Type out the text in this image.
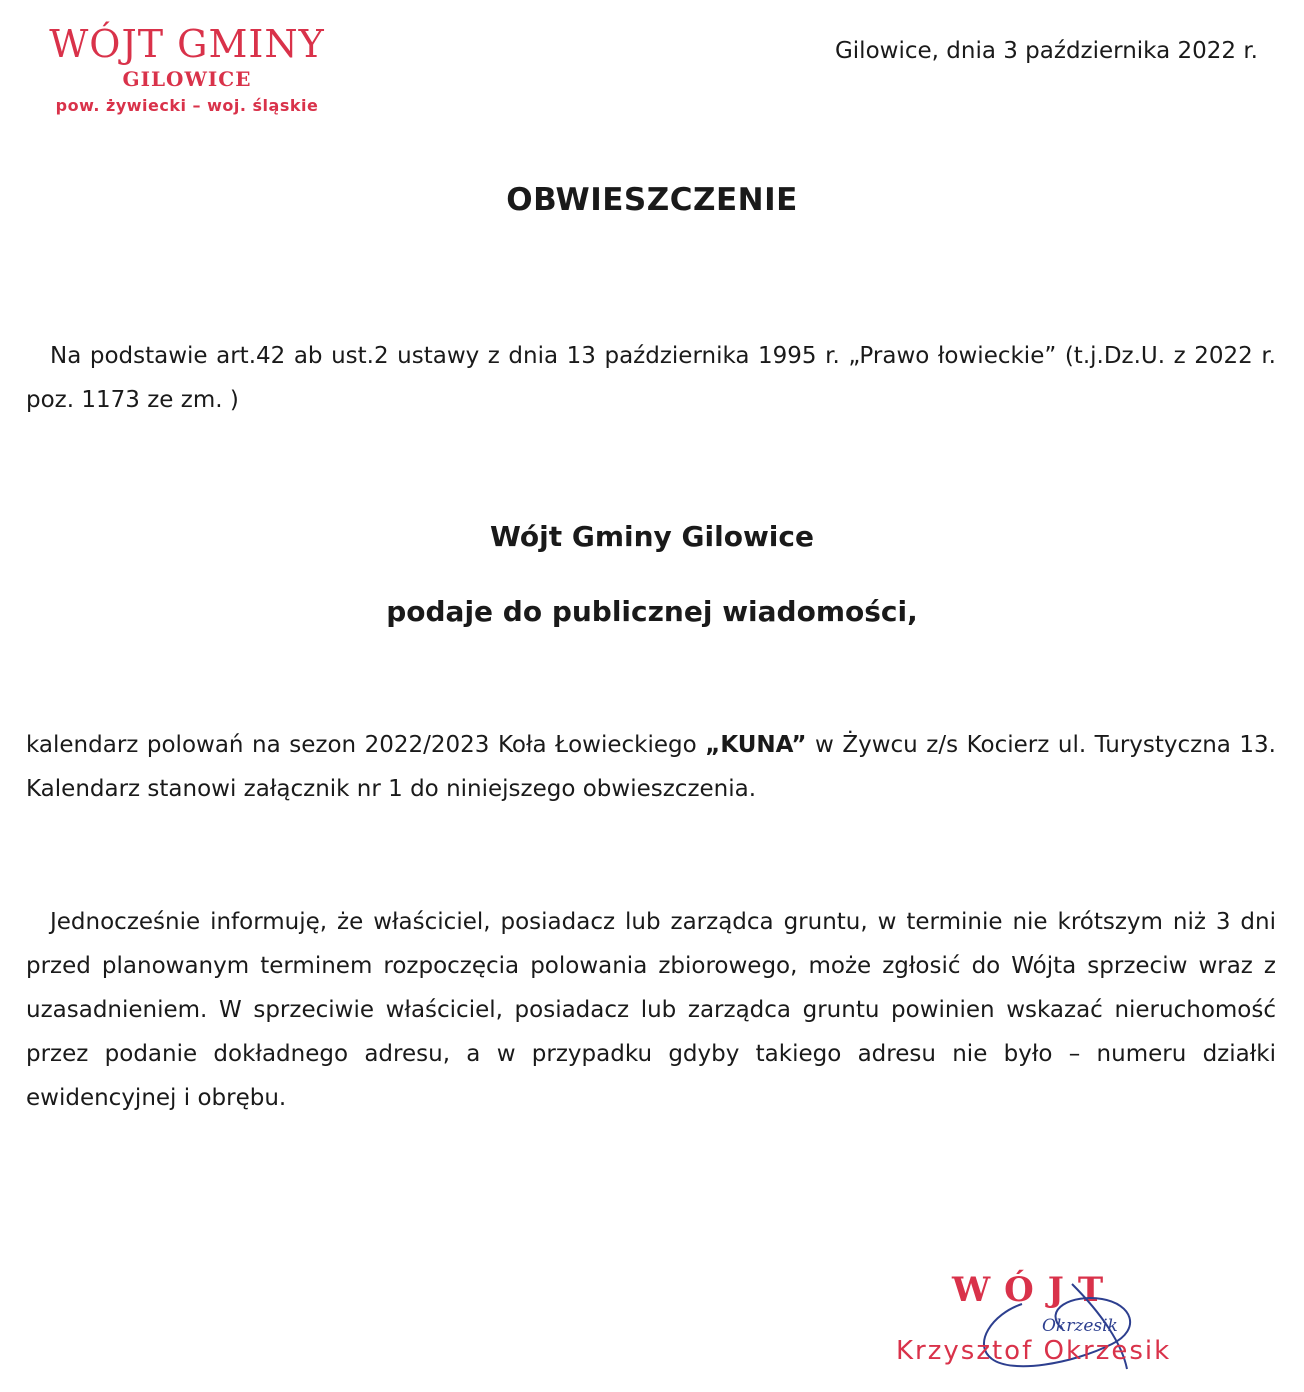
WÓJT GMINY
GILOWICE
pow. żywiecki – woj. śląskie
Gilowice, dnia 3 października 2022 r.
OBWIESZCZENIE
Na podstawie art.42 ab ust.2 ustawy z dnia 13 października 1995 r. „Prawo łowieckie” (t.j.Dz.U. z 2022 r. poz. 1173 ze zm. )
Wójt Gminy Gilowice
podaje do publicznej wiadomości,
kalendarz polowań na sezon 2022/2023 Koła Łowieckiego „KUNA” w Żywcu z/s Kocierz ul. Turystyczna 13. Kalendarz stanowi załącznik nr 1 do niniejszego obwieszczenia.
Jednocześnie informuję, że właściciel, posiadacz lub zarządca gruntu, w terminie nie krótszym niż 3 dni przed planowanym terminem rozpoczęcia polowania zbiorowego, może zgłosić do Wójta sprzeciw wraz z uzasadnieniem. W sprzeciwie właściciel, posiadacz lub zarządca gruntu powinien wskazać nieruchomość przez podanie dokładnego adresu, a w przypadku gdyby takiego adresu nie było – numeru działki ewidencyjnej i obrębu.
WÓJT
Okrzesik
Krzysztof Okrzesik
